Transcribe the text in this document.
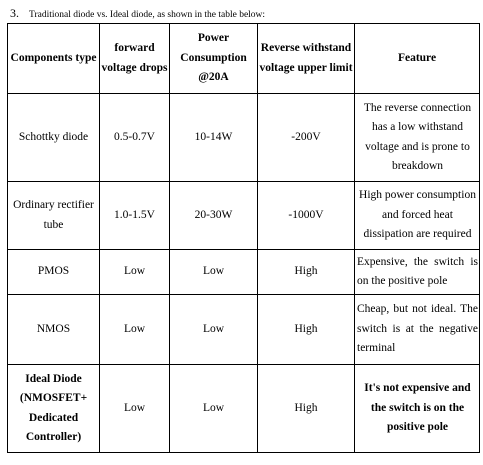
3. Traditional diode vs. Ideal diode, as shown in the table below:
Components type	forward voltage drops	Power Consumption @20A	Reverse withstand voltage upper limit	Feature
Schottky diode	0.5-0.7V	10-14W	-200V	The reverse connection has a low withstand voltage and is prone to breakdown
Ordinary rectifier tube	1.0-1.5V	20-30W	-1000V	High power consumption and forced heat dissipation are required
PMOS	Low	Low	High	Expensive, the switch is on the positive pole
NMOS	Low	Low	High	Cheap, but not ideal. The switch is at the negative terminal
Ideal Diode (NMOSFET+ Dedicated Controller)	Low	Low	High	It's not expensive and the switch is on the positive pole
